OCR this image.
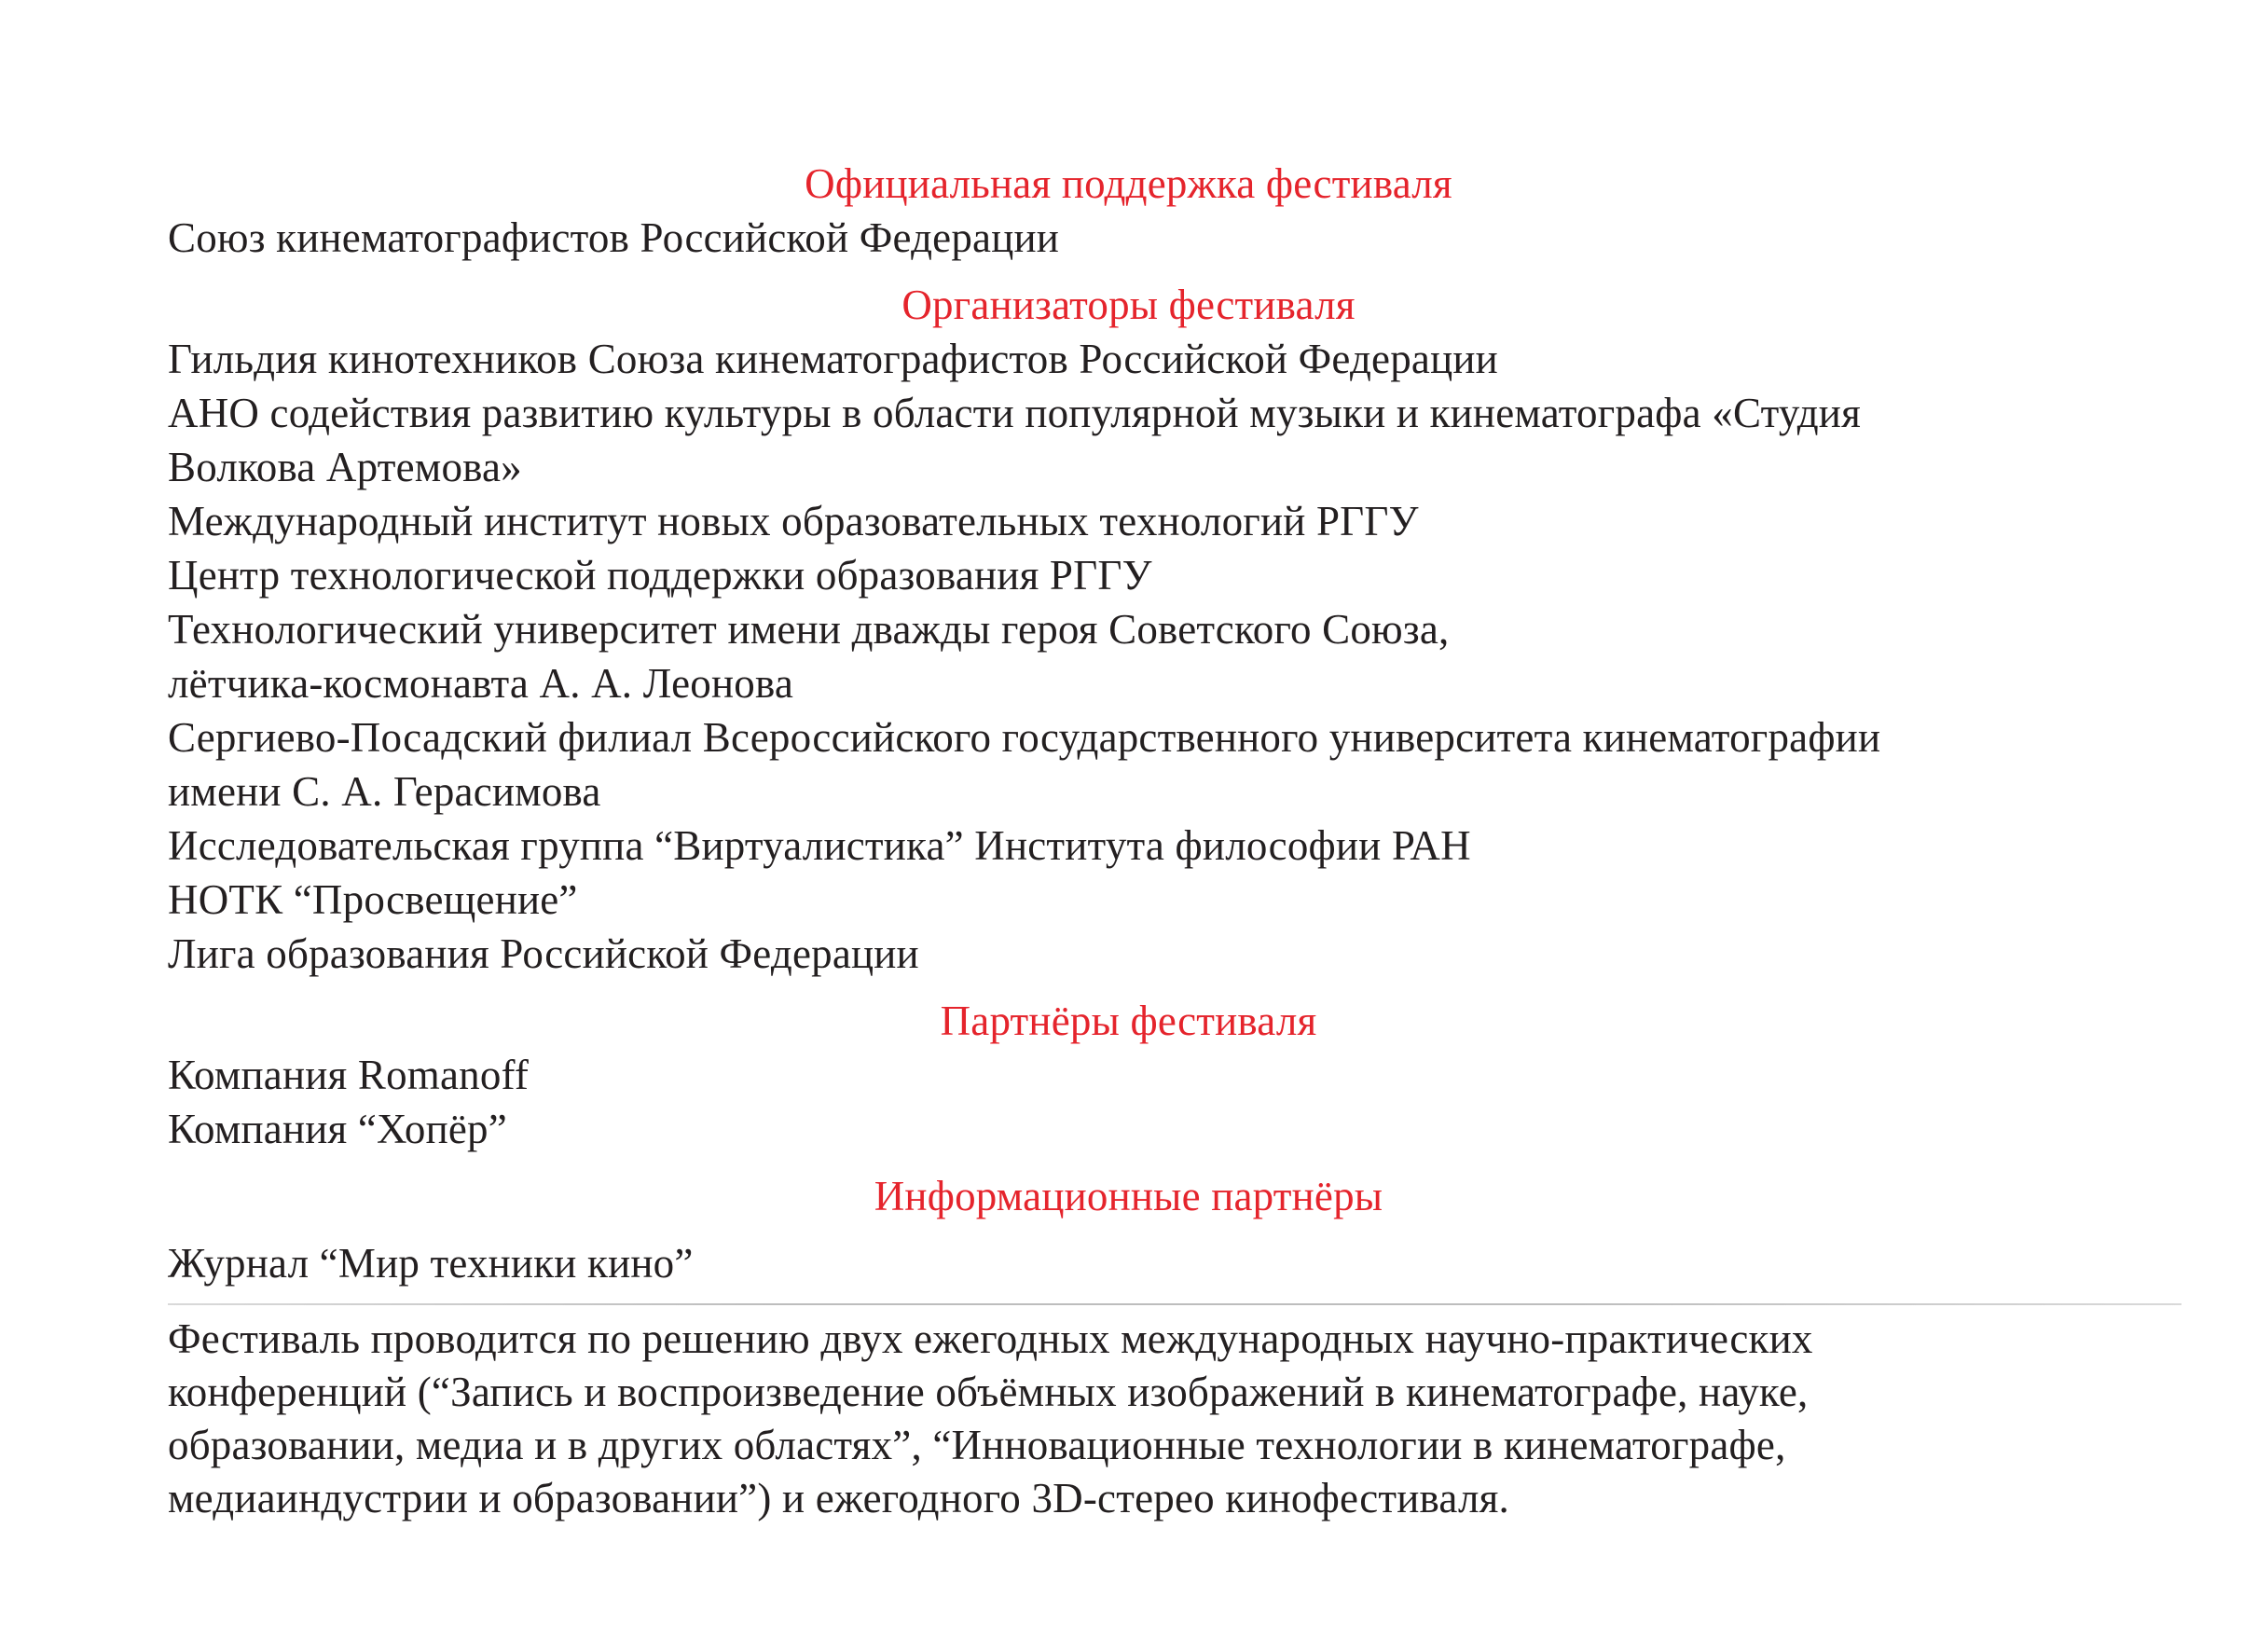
Официальная поддержка фестиваля
Союз кинематографистов Российской Федерации
Организаторы фестиваля
Гильдия кинотехников Союза кинематографистов Российской Федерации
АНО содействия развитию культуры в области популярной музыки и кинематографа «Студия
Волкова Артемова»
Международный институт новых образовательных технологий РГГУ
Центр технологической поддержки образования РГГУ
Технологический университет имени дважды героя Советского Союза,
лётчика-космонавта А. А. Леонова
Сергиево-Посадский филиал Всероссийского государственного университета кинематографии
имени С. А. Герасимова
Исследовательская группа “Виртуалистика” Института философии РАН
НОТК “Просвещение”
Лига образования Российской Федерации
Партнёры фестиваля
Компания Romanoff
Компания “Хопёр”
Информационные партнёры
Журнал “Мир техники кино”
Фестиваль проводится по решению двух ежегодных международных научно-практических
конференций (“Запись и воспроизведение объёмных изображений в кинематографе, науке,
образовании, медиа и в других областях”, “Инновационные технологии в кинематографе,
медиаиндустрии и образовании”) и ежегодного 3D-стерео кинофестиваля.
